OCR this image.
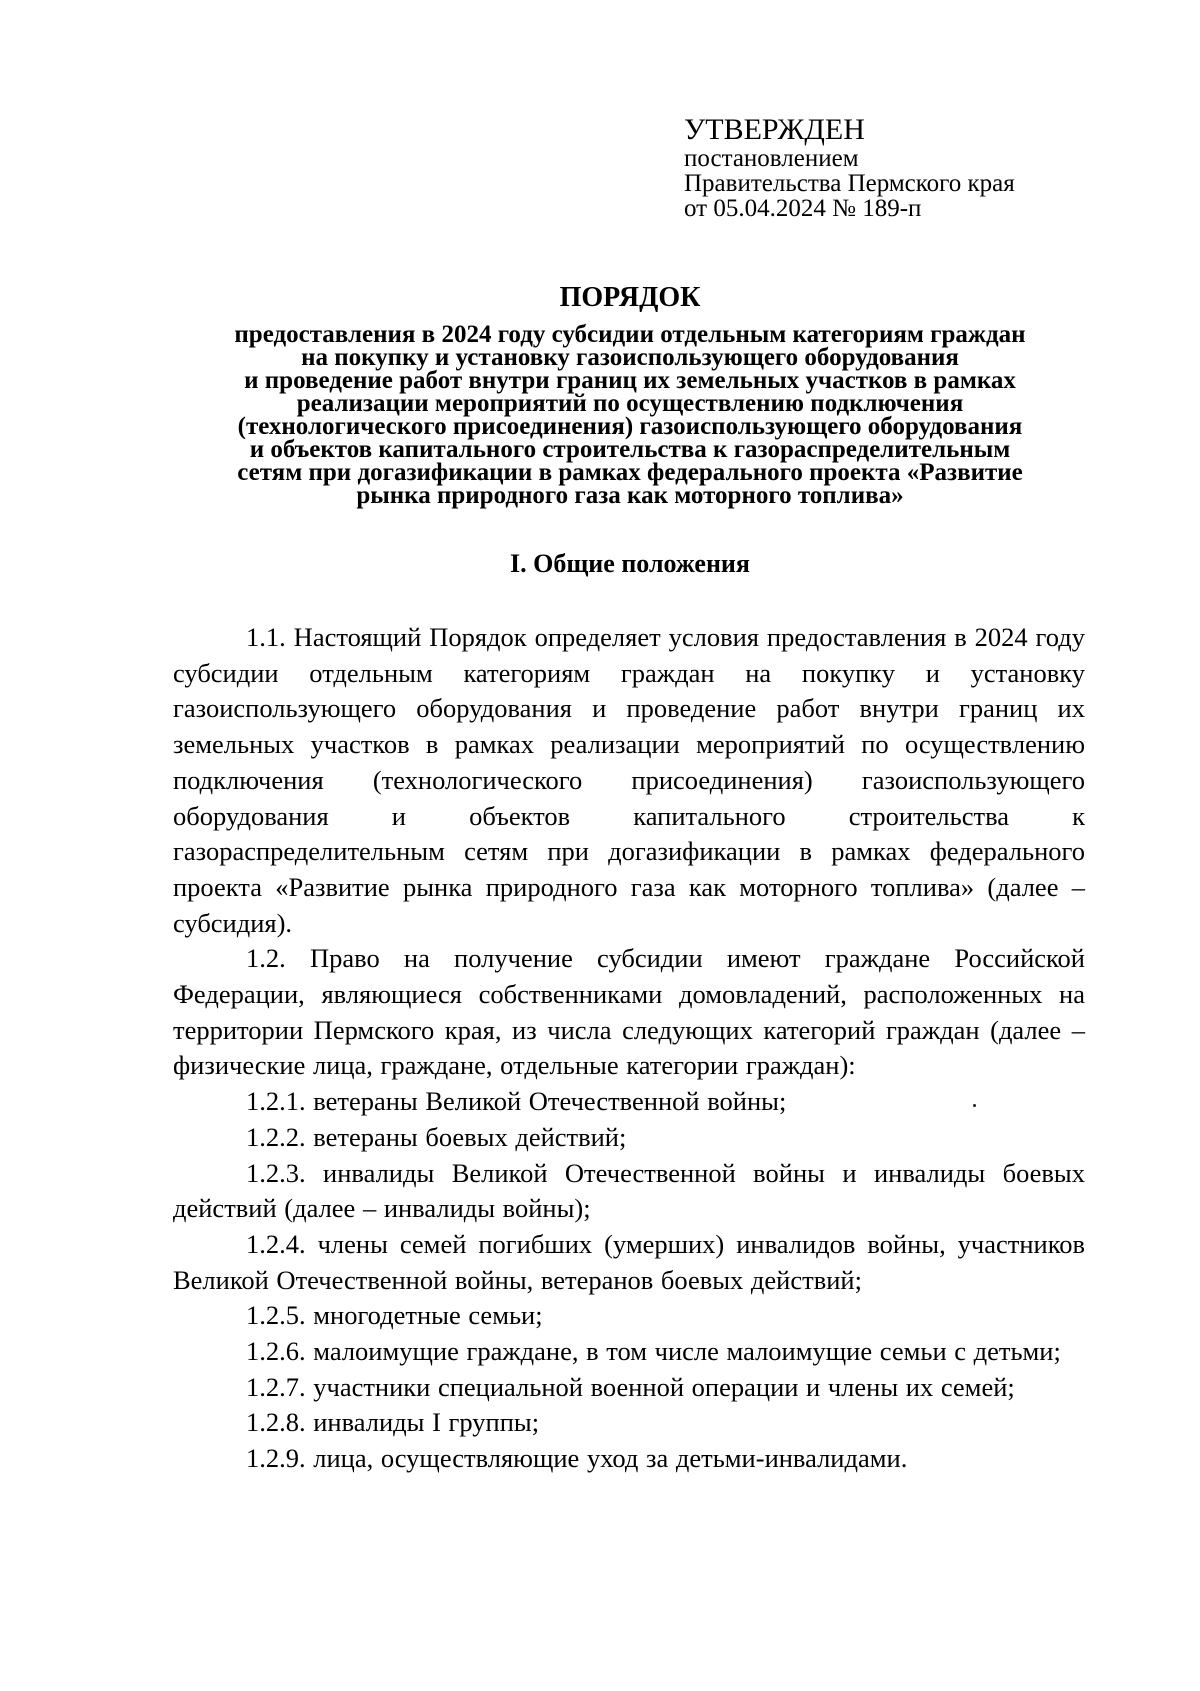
УТВЕРЖДЕН
постановлением
Правительства Пермского края
от 05.04.2024 № 189-п
ПОРЯДОК
предоставления в 2024 году субсидии отдельным категориям граждан
на покупку и установку газоиспользующего оборудования
и проведение работ внутри границ их земельных участков в рамках
реализации мероприятий по осуществлению подключения
(технологического присоединения) газоиспользующего оборудования
и объектов капитального строительства к газораспределительным
сетям при догазификации в рамках федерального проекта «Развитие
рынка природного газа как моторного топлива»
I. Общие положения

1.1. Настоящий Порядок определяет условия предоставления в 2024 году субсидии отдельным категориям граждан на покупку и установку газоиспользующего оборудования и проведение работ внутри границ их земельных участков в рамках реализации мероприятий по осуществлению подключения (технологического присоединения) газоиспользующего оборудования и объектов капитального строительства к газораспределительным сетям при догазификации в рамках федерального проекта «Развитие рынка природного газа как моторного топлива» (далее – субсидия).

1.2. Право на получение субсидии имеют граждане Российской Федерации, являющиеся собственниками домовладений, расположенных на территории Пермского края, из числа следующих категорий граждан (далее – физические лица, граждане, отдельные категории граждан):

1.2.1. ветераны Великой Отечественной войны;

1.2.2. ветераны боевых действий;

1.2.3. инвалиды Великой Отечественной войны и инвалиды боевых действий (далее – инвалиды войны);

1.2.4. члены семей погибших (умерших) инвалидов войны, участников Великой Отечественной войны, ветеранов боевых действий;

1.2.5. многодетные семьи;

1.2.6. малоимущие граждане, в том числе малоимущие семьи с детьми;

1.2.7. участники специальной военной операции и члены их семей;

1.2.8. инвалиды I группы;

1.2.9. лица, осуществляющие уход за детьми-инвалидами.
